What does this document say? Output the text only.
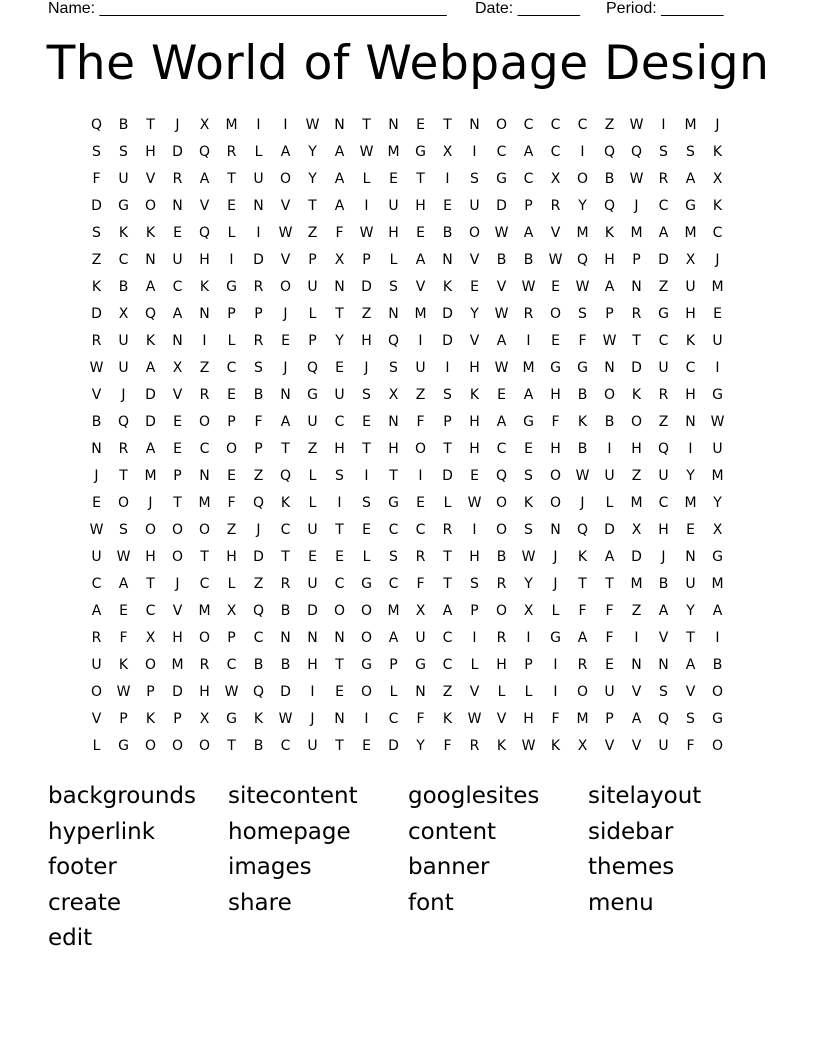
Name: _______________________________________ Date: _______ Period: _______
The World of Webpage Design
Q	B	T	J	X	M	I	I	W	N	T	N	E	T	N	O	C	C	C	Z	W	I	M	J
S	S	H	D	Q	R	L	A	Y	A	W	M	G	X	I	C	A	C	I	Q	Q	S	S	K
F	U	V	R	A	T	U	O	Y	A	L	E	T	I	S	G	C	X	O	B	W	R	A	X
D	G	O	N	V	E	N	V	T	A	I	U	H	E	U	D	P	R	Y	Q	J	C	G	K
S	K	K	E	Q	L	I	W	Z	F	W	H	E	B	O	W	A	V	M	K	M	A	M	C
Z	C	N	U	H	I	D	V	P	X	P	L	A	N	V	B	B	W	Q	H	P	D	X	J
K	B	A	C	K	G	R	O	U	N	D	S	V	K	E	V	W	E	W	A	N	Z	U	M
D	X	Q	A	N	P	P	J	L	T	Z	N	M	D	Y	W	R	O	S	P	R	G	H	E
R	U	K	N	I	L	R	E	P	Y	H	Q	I	D	V	A	I	E	F	W	T	C	K	U
W	U	A	X	Z	C	S	J	Q	E	J	S	U	I	H	W	M	G	G	N	D	U	C	I
V	J	D	V	R	E	B	N	G	U	S	X	Z	S	K	E	A	H	B	O	K	R	H	G
B	Q	D	E	O	P	F	A	U	C	E	N	F	P	H	A	G	F	K	B	O	Z	N	W
N	R	A	E	C	O	P	T	Z	H	T	H	O	T	H	C	E	H	B	I	H	Q	I	U
J	T	M	P	N	E	Z	Q	L	S	I	T	I	D	E	Q	S	O	W	U	Z	U	Y	M
E	O	J	T	M	F	Q	K	L	I	S	G	E	L	W	O	K	O	J	L	M	C	M	Y
W	S	O	O	O	Z	J	C	U	T	E	C	C	R	I	O	S	N	Q	D	X	H	E	X
U	W	H	O	T	H	D	T	E	E	L	S	R	T	H	B	W	J	K	A	D	J	N	G
C	A	T	J	C	L	Z	R	U	C	G	C	F	T	S	R	Y	J	T	T	M	B	U	M
A	E	C	V	M	X	Q	B	D	O	O	M	X	A	P	O	X	L	F	F	Z	A	Y	A
R	F	X	H	O	P	C	N	N	N	O	A	U	C	I	R	I	G	A	F	I	V	T	I
U	K	O	M	R	C	B	B	H	T	G	P	G	C	L	H	P	I	R	E	N	N	A	B
O	W	P	D	H	W	Q	D	I	E	O	L	N	Z	V	L	L	I	O	U	V	S	V	O
V	P	K	P	X	G	K	W	J	N	I	C	F	K	W	V	H	F	M	P	A	Q	S	G
L	G	O	O	O	T	B	C	U	T	E	D	Y	F	R	K	W	K	X	V	V	U	F	O
backgrounds	sitecontent	googlesites	sitelayout
hyperlink	homepage	content	sidebar
footer	images	banner	themes
create	share	font	menu
edit
